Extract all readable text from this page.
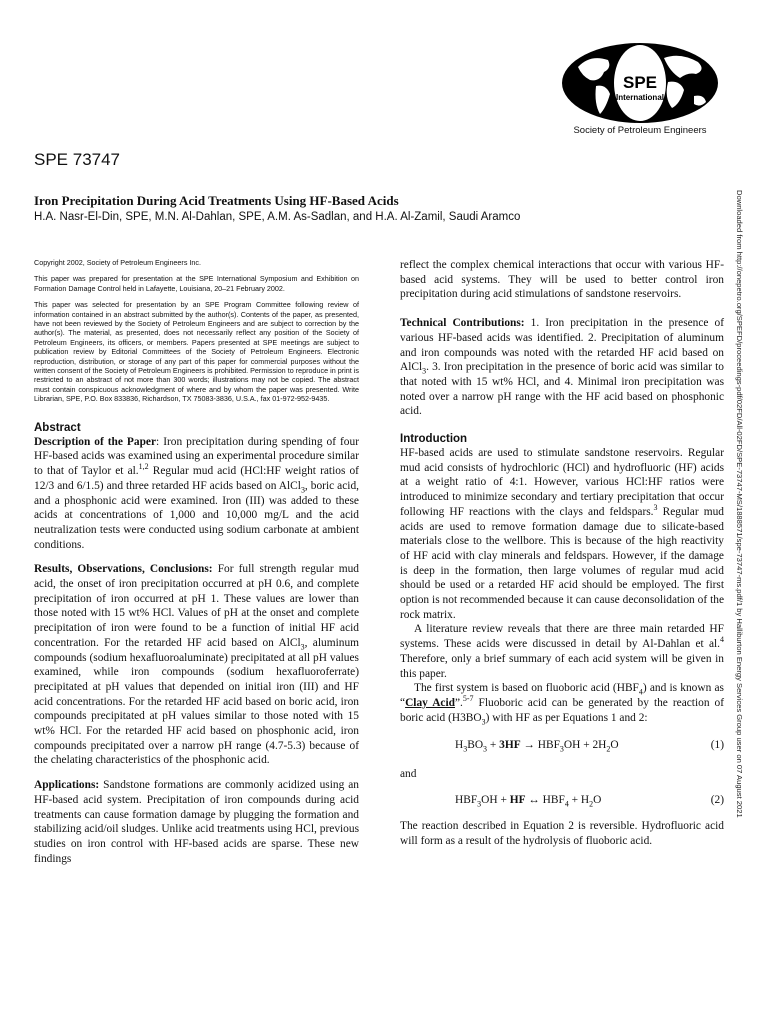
SPE
International
Society of Petroleum Engineers
SPE 73747
Iron Precipitation During Acid Treatments Using HF-Based Acids
H.A. Nasr-El-Din, SPE, M.N. Al-Dahlan, SPE, A.M. As-Sadlan, and H.A. Al-Zamil, Saudi Aramco	Downloaded from http://onepetro.org/SPEFD/proceedings-pdf/02FD/All-02FD/SPE-73747-MS/1888571/spe-73747-ms.pdf/1 by Halliburton Energy Services Group user on 07 August 2021

Copyright 2002, Society of Petroleum Engineers Inc.

This paper was prepared for presentation at the SPE International Symposium and Exhibition on Formation Damage Control held in Lafayette, Louisiana, 20–21 February 2002.

This paper was selected for presentation by an SPE Program Committee following review of information contained in an abstract submitted by the author(s). Contents of the paper, as presented, have not been reviewed by the Society of Petroleum Engineers and are subject to correction by the author(s). The material, as presented, does not necessarily reflect any position of the Society of Petroleum Engineers, its officers, or members. Papers presented at SPE meetings are subject to publication review by Editorial Committees of the Society of Petroleum Engineers. Electronic reproduction, distribution, or storage of any part of this paper for commercial purposes without the written consent of the Society of Petroleum Engineers is prohibited. Permission to reproduce in print is restricted to an abstract of not more than 300 words; illustrations may not be copied. The abstract must contain conspicuous acknowledgment of where and by whom the paper was presented. Write Librarian, SPE, P.O. Box 833836, Richardson, TX 75083-3836, U.S.A., fax 01-972-952-9435.

Abstract

Description of the Paper: Iron precipitation during spending of four HF-based acids was examined using an experimental procedure similar to that of Taylor et al.$^{1,2}$ Regular mud acid (HCl:HF weight ratios of 12/3 and 6/1.5) and three retarded HF acids based on AlCl$_3$, boric acid, and a phosphonic acid were examined. Iron (III) was added to these acids at concentrations of 1,000 and 10,000 mg/L and the acid neutralization tests were conducted using sodium carbonate at ambient conditions.

Results, Observations, Conclusions: For full strength regular mud acid, the onset of iron precipitation occurred at pH 0.6, and complete precipitation of iron occurred at pH 1. These values are lower than those noted with 15 wt% HCl. Values of pH at the onset and complete precipitation of iron were found to be a function of initial HF acid concentration. For the retarded HF acid based on AlCl$_3$, aluminum compounds (sodium hexafluoroaluminate) precipitated at all pH values examined, while iron compounds (sodium hexafluoroferrate) precipitated at pH values that depended on initial iron (III) and HF acid concentrations. For the retarded HF acid based on boric acid, iron compounds precipitated at pH values similar to those noted with 15 wt% HCl. For the retarded HF acid based on phosphonic acid, iron compounds precipitated over a narrow pH range (4.7-5.3) because of the chelating characteristics of the phosphonic acid.

Applications: Sandstone formations are commonly acidized using an HF-based acid system. Precipitation of iron compounds during acid treatments can cause formation damage by plugging the formation and stabilizing acid/oil sludges. Unlike acid treatments using HCl, previous studies on iron control with HF-based acids are sparse. These new findings

reflect the complex chemical interactions that occur with various HF-based acid systems. They will be used to better control iron precipitation during acid stimulations of sandstone reservoirs.

Technical Contributions: 1. Iron precipitation in the presence of various HF-based acids was identified. 2. Precipitation of aluminum and iron compounds was noted with the retarded HF acid based on AlCl$_3$. 3. Iron precipitation in the presence of boric acid was similar to that noted with 15 wt% HCl, and 4. Minimal iron precipitation was noted over a narrow pH range with the HF acid based on phosphonic acid.

Introduction

HF-based acids are used to stimulate sandstone reservoirs. Regular mud acid consists of hydrochloric (HCl) and hydrofluoric (HF) acids at a weight ratio of 4:1. However, various HCl:HF ratios were introduced to minimize secondary and tertiary precipitation that occur following HF reactions with the clays and feldspars.$^3$ Regular mud acids are used to remove formation damage due to silicate-based materials close to the wellbore. This is because of the high reactivity of HF acid with clay minerals and feldspars. However, if the damage is deep in the formation, then large volumes of regular mud acid should be used or a retarded HF acid should be employed. The first option is not recommended because it can cause deconsolidation of the rock matrix.

A literature review reveals that there are three main retarded HF systems. These acids were discussed in detail by Al-Dahlan et al.$^4$ Therefore, only a brief summary of each acid system will be given in this paper.

The first system is based on fluoboric acid $(HBF_4)$ and is known as “Clay Acid”.$^{5-7}$ Fluoboric acid can be generated by the reaction of boric acid $(H3BO_3)$ with HF as per Equations 1 and 2:

$H_3BO_3 + 3HF \to HBF_3OH + 2H_2O$	(1)

and

$HBF_3OH$ + HF ↔ $HBF_4 + H_2O$	(2)

The reaction described in Equation 2 is reversible. Hydrofluoric acid will form as a result of the hydrolysis of fluoboric acid.
